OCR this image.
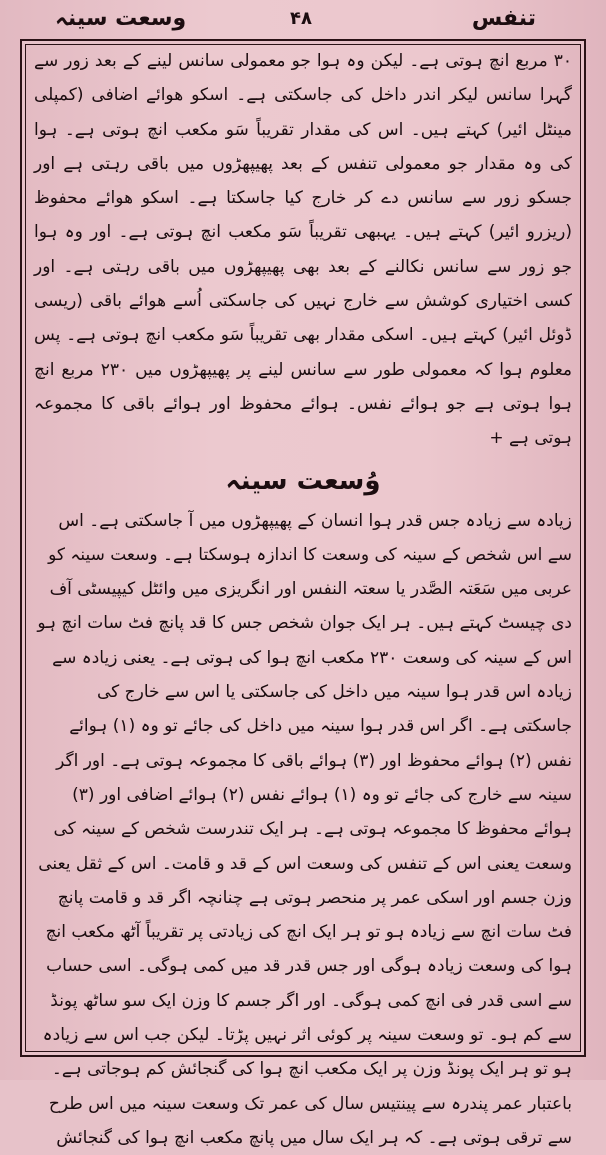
تنفس
۴۸
وسعت سینہ

۳۰ مربع انچ ہوتی ہے۔ لیکن وہ ہوا جو معمولی سانس لینے کے بعد زور سے گہرا سانس لیکر اندر داخل کی جاسکتی ہے۔ اسکو ھوائے اضافی (کمپلی مینٹل ائیر) کہتے ہیں۔ اس کی مقدار تقریباً سَو مکعب انچ ہوتی ہے۔ ہوا کی وہ مقدار جو معمولی تنفس کے بعد پھیپھڑوں میں باقی رہتی ہے اور جسکو زور سے سانس دے کر خارج کیا جاسکتا ہے۔ اسکو ھوائے محفوظ (ریزرو ائیر) کہتے ہیں۔ یہبھی تقریباً سَو مکعب انچ ہوتی ہے۔ اور وہ ہوا جو زور سے سانس نکالنے کے بعد بھی پھیپھڑوں میں باقی رہتی ہے۔ اور کسی اختیاری کوشش سے خارج نہیں کی جاسکتی اُسے ھوائے باقی (ریسی ڈوئل ائیر) کہتے ہیں۔ اسکی مقدار بھی تقریباً سَو مکعب انچ ہوتی ہے۔ پس معلوم ہوا کہ معمولی طور سے سانس لینے پر پھیپھڑوں میں ۲۳۰ مربع انچ ہوا ہوتی ہے جو ہوائے نفس۔ ہوائے محفوظ اور ہوائے باقی کا مجموعہ ہوتی ہے +

وُسعت سینہ

زیادہ سے زیادہ جس قدر ہوا انسان کے پھیپھڑوں میں آ جاسکتی ہے۔ اس سے اس شخص کے سینہ کی وسعت کا اندازہ ہوسکتا ہے۔ وسعت سینہ کو عربی میں سَعَتہ الصَّدر یا سعتہ النفس اور انگریزی میں وائٹل کیپیسٹی آف دی چیسٹ کہتے ہیں۔ ہر ایک جوان شخص جس کا قد پانچ فٹ سات انچ ہو اس کے سینہ کی وسعت ۲۳۰ مکعب انچ ہوا کی ہوتی ہے۔ یعنی زیادہ سے زیادہ اس قدر ہوا سینہ میں داخل کی جاسکتی یا اس سے خارج کی جاسکتی ہے۔ اگر اس قدر ہوا سینہ میں داخل کی جائے تو وہ (۱) ہوائے نفس (۲) ہوائے محفوظ اور (۳) ہوائے باقی کا مجموعہ ہوتی ہے۔ اور اگر سینہ سے خارج کی جائے تو وہ (۱) ہوائے نفس (۲) ہوائے اضافی اور (۳) ہوائے محفوظ کا مجموعہ ہوتی ہے۔ ہر ایک تندرست شخص کے سینہ کی وسعت یعنی اس کے تنفس کی وسعت اس کے قد و قامت۔ اس کے ثقل یعنی وزن جسم اور اسکی عمر پر منحصر ہوتی ہے چنانچہ اگر قد و قامت پانچ فٹ سات انچ سے زیادہ ہو تو ہر ایک انچ کی زیادتی پر تقریباً آٹھ مکعب انچ ہوا کی وسعت زیادہ ہوگی اور جس قدر قد میں کمی ہوگی۔ اسی حساب سے اسی قدر فی انچ کمی ہوگی۔ اور اگر جسم کا وزن ایک سو ساٹھ پونڈ سے کم ہو۔ تو وسعت سینہ پر کوئی اثر نہیں پڑتا۔ لیکن جب اس سے زیادہ ہو تو ہر ایک پونڈ وزن پر ایک مکعب انچ ہوا کی گنجائش کم ہوجاتی ہے۔ باعتبار عمر پندرہ سے پینتیس سال کی عمر تک وسعت سینہ میں اس طرح سے ترقی ہوتی ہے۔ کہ ہر ایک سال میں پانچ مکعب انچ ہوا کی گنجائش
